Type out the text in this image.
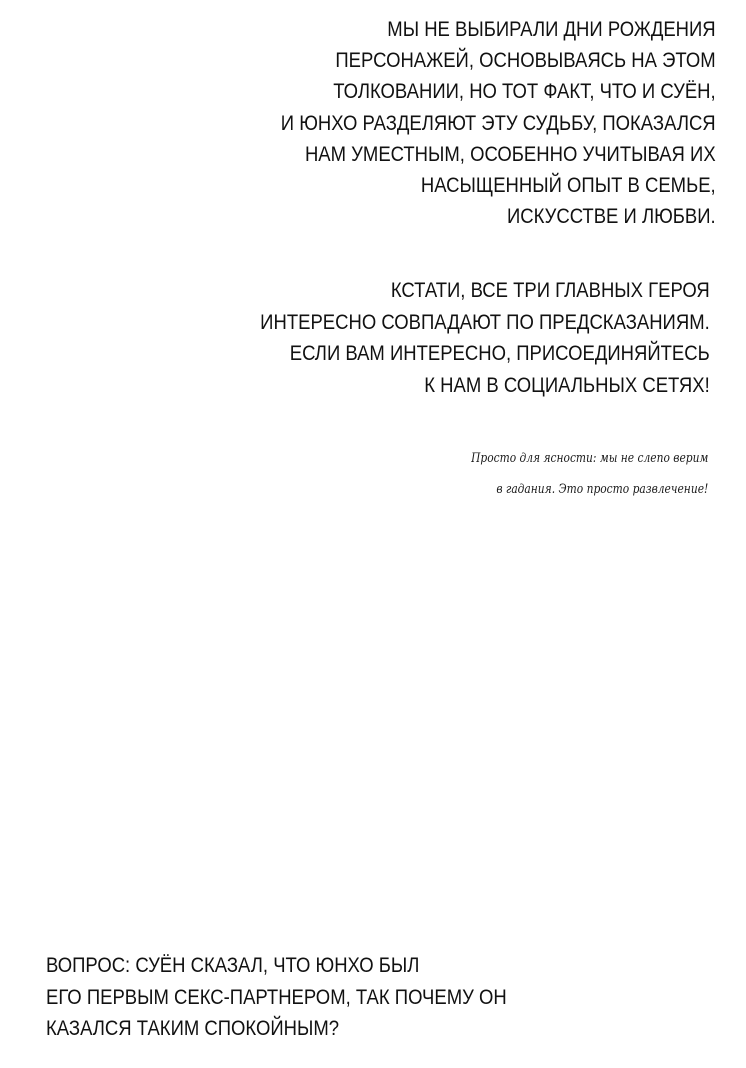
МЫ НЕ ВЫБИРАЛИ ДНИ РОЖДЕНИЯ
ПЕРСОНАЖЕЙ, ОСНОВЫВАЯСЬ НА ЭТОМ
ТОЛКОВАНИИ, НО ТОТ ФАКТ, ЧТО И СУЁН,
И ЮНХО РАЗДЕЛЯЮТ ЭТУ СУДЬБУ, ПОКАЗАЛСЯ
НАМ УМЕСТНЫМ, ОСОБЕННО УЧИТЫВАЯ ИХ
НАСЫЩЕННЫЙ ОПЫТ В СЕМЬЕ,
ИСКУССТВЕ И ЛЮБВИ.
КСТАТИ, ВСЕ ТРИ ГЛАВНЫХ ГЕРОЯ
ИНТЕРЕСНО СОВПАДАЮТ ПО ПРЕДСКАЗАНИЯМ.
ЕСЛИ ВАМ ИНТЕРЕСНО, ПРИСОЕДИНЯЙТЕСЬ
К НАМ В СОЦИАЛЬНЫХ СЕТЯХ!
Просто для ясности: мы не слепо верим
в гадания. Это просто развлечение!
ВОПРОС: СУЁН СКАЗАЛ, ЧТО ЮНХО БЫЛ
ЕГО ПЕРВЫМ СЕКС-ПАРТНЕРОМ, ТАК ПОЧЕМУ ОН
КАЗАЛСЯ ТАКИМ СПОКОЙНЫМ?
